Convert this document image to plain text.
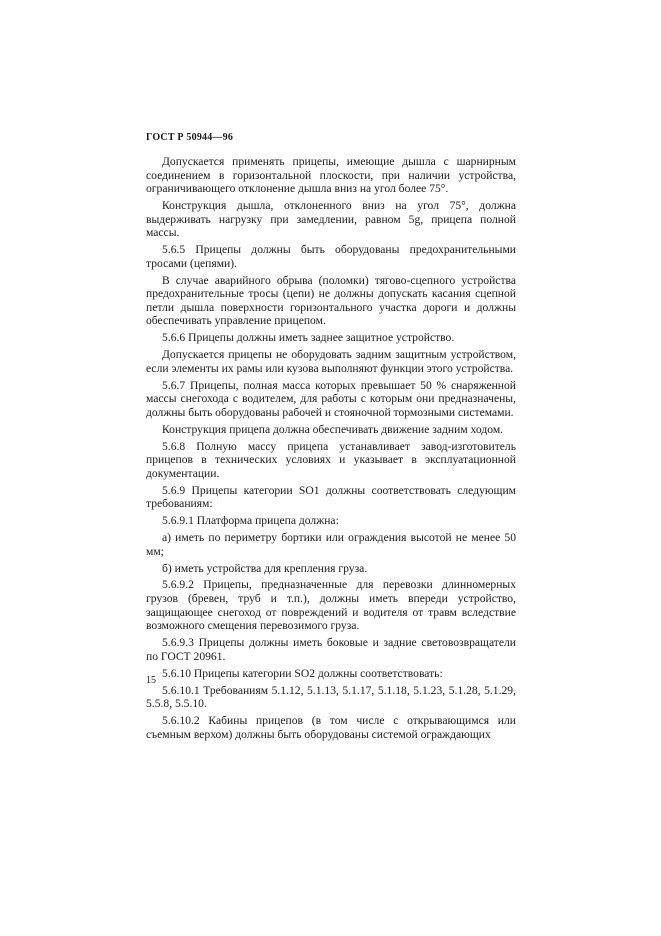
ГОСТ Р 50944—96

Допускается применять прицепы, имеющие дышла с шарнирным соединением в горизонтальной плоскости, при наличии устройства, ограничивающего отклонение дышла вниз на угол более 75°.

Конструкция дышла, отклоненного вниз на угол 75°, должна выдерживать нагрузку при замедлении, равном 5g, прицепа полной массы.

5.6.5 Прицепы должны быть оборудованы предохранительными тросами (цепями).

В случае аварийного обрыва (поломки) тягово-сцепного устройства предохранительные тросы (цепи) не должны допускать касания сцепной петли дышла поверхности горизонтального участка дороги и должны обеспечивать управление прицепом.

5.6.6 Прицепы должны иметь заднее защитное устройство.

Допускается прицепы не оборудовать задним защитным устройством, если элементы их рамы или кузова выполняют функции этого устройства.

5.6.7 Прицепы, полная масса которых превышает 50 % снаряженной массы снегохода с водителем, для работы с которым они предназначены, должны быть оборудованы рабочей и стояночной тормозными системами.

Конструкция прицепа должна обеспечивать движение задним ходом.

5.6.8 Полную массу прицепа устанавливает завод-изготовитель прицепов в технических условиях и указывает в эксплуатационной документации.

5.6.9 Прицепы категории SO1 должны соответствовать следующим требованиям:

5.6.9.1 Платформа прицепа должна:

а) иметь по периметру бортики или ограждения высотой не менее 50 мм;

б) иметь устройства для крепления груза.

5.6.9.2 Прицепы, предназначенные для перевозки длинномерных грузов (бревен, труб и т.п.), должны иметь впереди устройство, защищающее снегоход от повреждений и водителя от травм вследствие возможного смещения перевозимого груза.

5.6.9.3 Прицепы должны иметь боковые и задние световозвращатели по ГОСТ 20961.

5.6.10 Прицепы категории SO2 должны соответствовать:

5.6.10.1 Требованиям 5.1.12, 5.1.13, 5.1.17, 5.1.18, 5.1.23, 5.1.28, 5.1.29, 5.5.8, 5.5.10.

5.6.10.2 Кабины прицепов (в том числе с открывающимся или съемным верхом) должны быть оборудованы системой ограждающих

15
